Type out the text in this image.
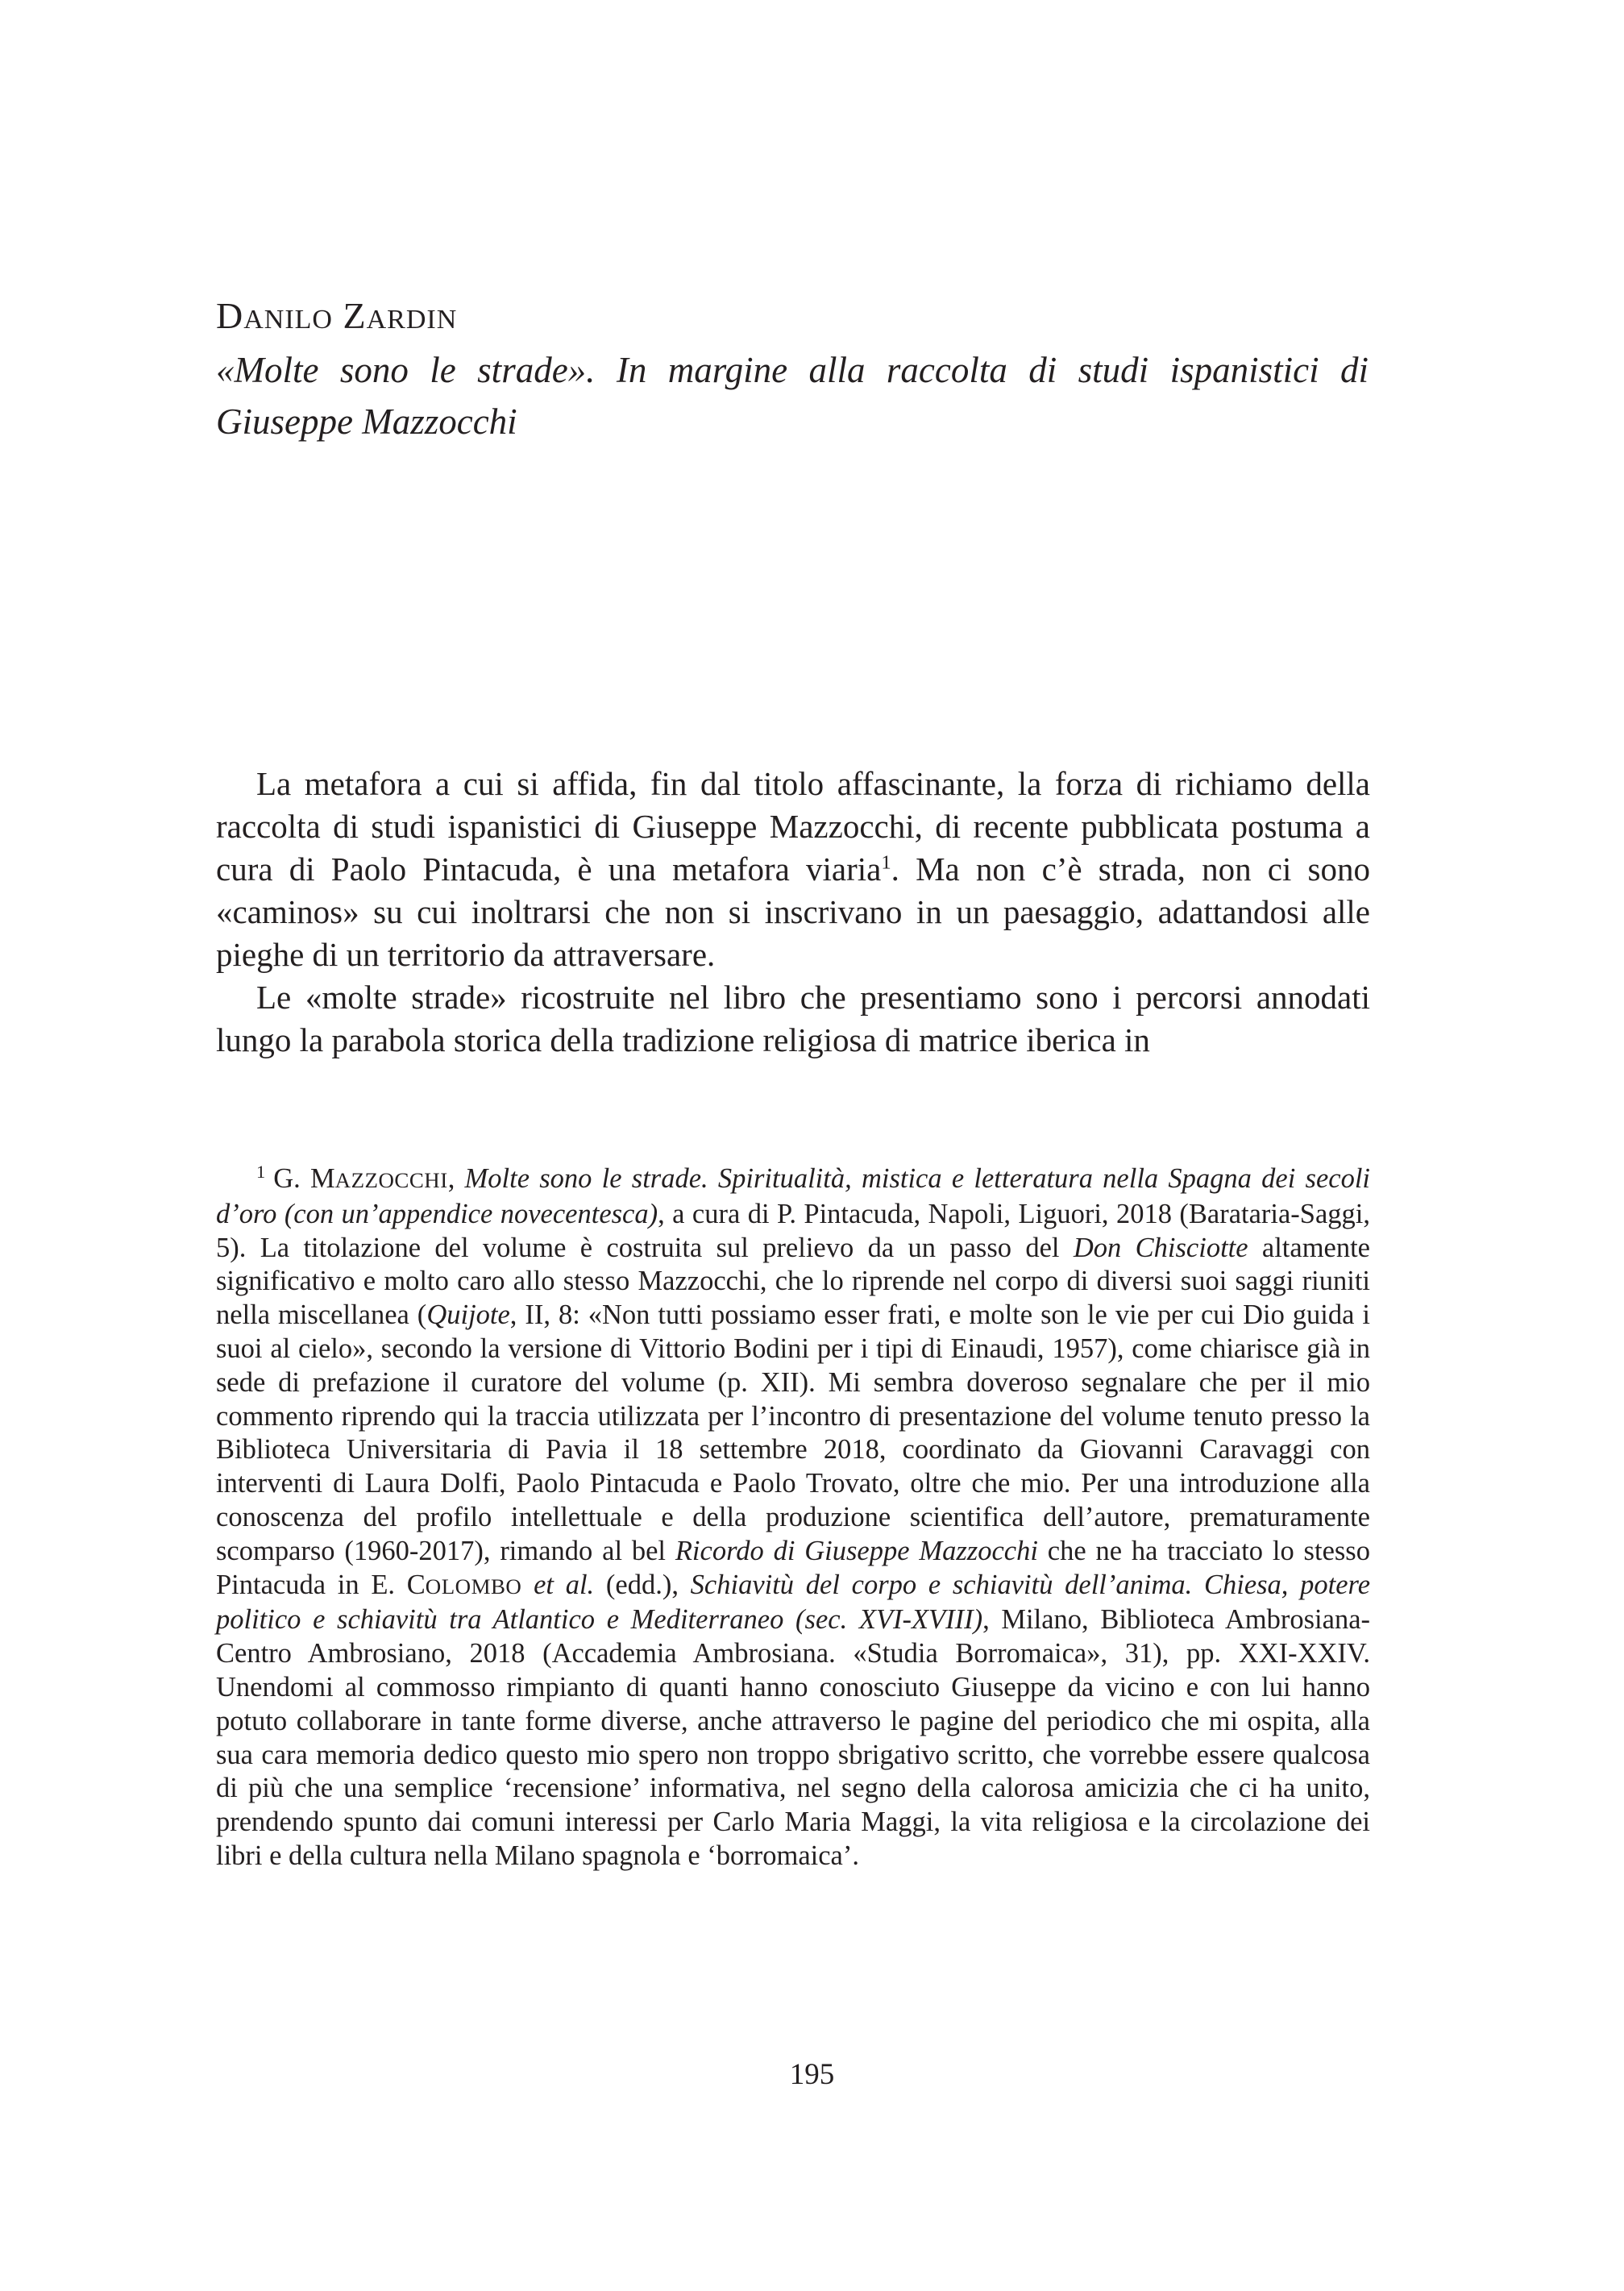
DANILO ZARDIN

«Molte sono le strade». In margine alla raccolta di studi ispanistici di Giuseppe Mazzocchi

La metafora a cui si affida, fin dal titolo affascinante, la forza di richiamo della raccolta di studi ispanistici di Giuseppe Mazzocchi, di recente pubblicata postuma a cura di Paolo Pintacuda, è una metafora viaria$^1$. Ma non c’è strada, non ci sono «caminos» su cui inoltrarsi che non si inscrivano in un paesaggio, adattandosi alle pieghe di un territorio da attraversare.

Le «molte strade» ricostruite nel libro che presentiamo sono i percorsi annodati lungo la parabola storica della tradizione religiosa di matrice iberica in

$^1$ G. MAZZOCCHI, Molte sono le strade. Spiritualità, mistica e letteratura nella Spagna dei secoli d’oro (con un’appendice novecentesca), a cura di P. Pintacuda, Napoli, Liguori, 2018 (Barataria-Saggi, 5). La titolazione del volume è costruita sul prelievo da un passo del Don Chisciotte altamente significativo e molto caro allo stesso Mazzocchi, che lo riprende nel corpo di diversi suoi saggi riuniti nella miscellanea (Quijote, II, 8: «Non tutti possiamo esser frati, e molte son le vie per cui Dio guida i suoi al cielo», secondo la versione di Vittorio Bodini per i tipi di Einaudi, 1957), come chiarisce già in sede di prefazione il curatore del volume (p. XII). Mi sembra doveroso segnalare che per il mio commento riprendo qui la traccia utilizzata per l’incontro di presentazione del volume tenuto presso la Biblioteca Universitaria di Pavia il 18 settembre 2018, coordinato da Giovanni Caravaggi con interventi di Laura Dolfi, Paolo Pintacuda e Paolo Trovato, oltre che mio. Per una introduzione alla conoscenza del profilo intellettuale e della produzione scientifica dell’autore, prematuramente scomparso (1960-2017), rimando al bel Ricordo di Giuseppe Mazzocchi che ne ha tracciato lo stesso Pintacuda in E. COLOMBO et al. (edd.), Schiavitù del corpo e schiavitù dell’anima. Chiesa, potere politico e schiavitù tra Atlantico e Mediterraneo (sec. XVI-XVIII), Milano, Biblioteca Ambrosiana-Centro Ambrosiano, 2018 (Accademia Ambrosiana. «Studia Borromaica», 31), pp. XXI-XXIV. Unendomi al commosso rimpianto di quanti hanno conosciuto Giuseppe da vicino e con lui hanno potuto collaborare in tante forme diverse, anche attraverso le pagine del periodico che mi ospita, alla sua cara memoria dedico questo mio spero non troppo sbrigativo scritto, che vorrebbe essere qualcosa di più che una semplice ‘recensione’ informativa, nel segno della calorosa amicizia che ci ha unito, prendendo spunto dai comuni interessi per Carlo Maria Maggi, la vita religiosa e la circolazione dei libri e della cultura nella Milano spagnola e ‘borromaica’.

195
